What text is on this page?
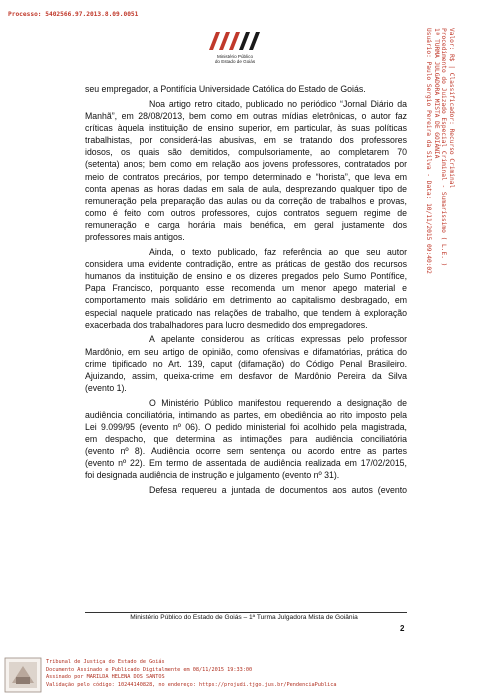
Processo: 5402566.97.2013.8.09.0051
Ministério Público
do Estado de Goiás	Valor: R$ | Classificador: Recurso Criminal
Procedimento do Juizado Especial Criminal - Sumaríssimo ( L.E. )
1ª TURMA JULGADORA MISTA DE GOIÂNIA
Usuário: Paulo Sergio Pereira da Silva - Data: 10/11/2015 09:40:02
seu empregador, a Pontifícia Universidade Católica do Estado de Goiás.
Noa artigo retro citado, publicado no periódico “Jornal Diário da
Manhã”, em 28/08/2013, bem como em outras mídias eletrônicas, o autor faz
críticas àquela instituição de ensino superior, em particular, às suas políticas
trabalhistas, por considerá-las abusivas, em se tratando dos professores
idosos, os quais são demitidos, compulsoriamente, ao completarem 70
(setenta) anos; bem como em relação aos jovens professores, contratados por
meio de contratos precários, por tempo determinado e “horista”, que leva em
conta apenas as horas dadas em sala de aula, desprezando qualquer tipo de
remuneração pela preparação das aulas ou da correção de trabalhos e provas,
como é feito com outros professores, cujos contratos seguem regime de
remuneração e carga horária mais benéfica, em geral justamente dos
professores mais antigos.
Ainda, o texto publicado, faz referência ao que seu autor
considera uma evidente contradição, entre as práticas de gestão dos recursos
humanos da instituição de ensino e os dizeres pregados pelo Sumo Pontífice,
Papa Francisco, porquanto esse recomenda um menor apego material e
comportamento mais solidário em detrimento ao capitalismo desbragado, em
especial naquele praticado nas relações de trabalho, que tendem à exploração
exacerbada dos trabalhadores para lucro desmedido dos empregadores.
A apelante considerou as críticas expressas pelo professor
Mardônio, em seu artigo de opinião, como ofensivas e difamatórias, prática do
crime tipificado no Art. 139, caput (difamação) do Código Penal Brasileiro.
Ajuizando, assim, queixa-crime em desfavor de Mardônio Pereira da Silva
(evento 1).
O Ministério Público manifestou requerendo a designação de
audiência conciliatória, intimando as partes, em obediência ao rito imposto pela
Lei 9.099/95 (evento nº 06). O pedido ministerial foi acolhido pela magistrada,
em despacho, que determina as intimações para audiência conciliatória
(evento nº 8). Audiência ocorre sem sentença ou acordo entre as partes
(evento nº 22). Em termo de assentada de audiência realizada em 17/02/2015,
foi designada audiência de instrução e julgamento (evento nº 31).
Defesa requereu a juntada de documentos aos autos (evento
Ministério Público do Estado de Goiás – 1ª Turma Julgadora Mista de Goiânia
2
Tribunal de Justiça do Estado de Goiás
Documento Assinado e Publicado Digitalmente em 08/11/2015 19:33:00
Assinado por MARILDA HELENA DOS SANTOS
Validação pelo código: 10244140828, no endereço: https://projudi.tjgo.jus.br/PendenciaPublica
